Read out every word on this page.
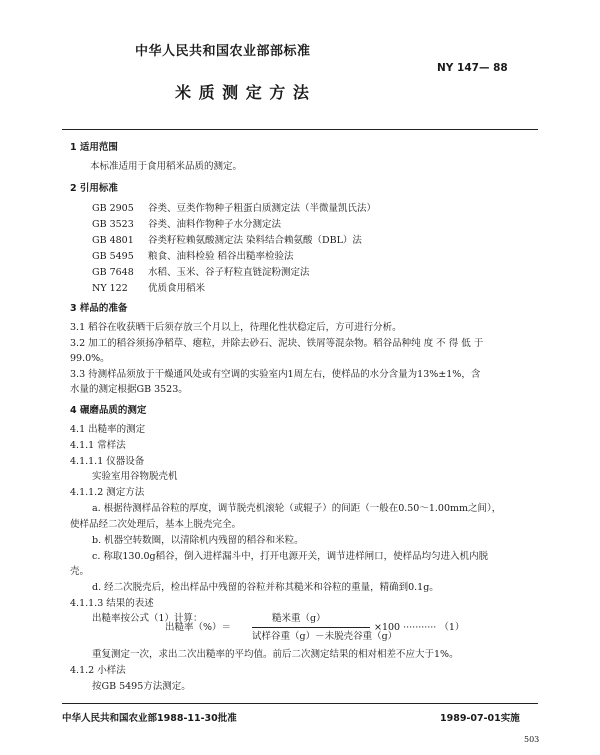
中华人民共和国农业部部标准
米 质 测 定 方 法
NY 147— 88
1 适用范围
本标准适用于食用稻米品质的测定。
2 引用标准
GB 2905 谷类、豆类作物种子粗蛋白质测定法（半微量凯氏法）
GB 3523 谷类、油料作物种子水分测定法
GB 4801 谷类籽粒赖氨酸测定法 染料结合赖氨酸（DBL）法
GB 5495 粮食、油料检验 稻谷出糙率检验法
GB 7648 水稻、玉米、谷子籽粒直链淀粉测定法
NY 122 优质食用稻米
3 样品的准备
3.1 稻谷在收获晒干后须存放三个月以上，待理化性状稳定后，方可进行分析。
3.2 加工的稻谷须扬净稻草、瘪粒，并除去砂石、泥块、铁屑等混杂物。稻谷品种纯 度 不 得 低 于
99.0%。
3.3 待测样品须放于干燥通风处或有空调的实验室内1周左右，使样品的水分含量为13%±1%，含
水量的测定根据GB 3523。
4 碾磨品质的测定
4.1 出糙率的测定
4.1.1 常样法
4.1.1.1 仪器设备
实验室用谷物脱壳机
4.1.1.2 测定方法
a. 根据待测样品谷粒的厚度，调节脱壳机滚轮（或辊子）的间距（一般在0.50～1.00mm之间），
使样品经二次处理后，基本上脱壳完全。
b. 机器空转数圈，以清除机内残留的稻谷和米粒。
c. 称取130.0g稻谷，倒入进样漏斗中，打开电源开关，调节进样闸口，使样品均匀进入机内脱
壳。
d. 经二次脱壳后，检出样品中残留的谷粒并称其糙米和谷粒的重量，精确到0.1g。
4.1.1.3 结果的表述
出糙率按公式（1）计算：
出糙率（%）＝
糙米重（g）
试样谷重（g）－未脱壳谷重（g）
×100 ··········· （1）
重复测定一次，求出二次出糙率的平均值。前后二次测定结果的相对相差不应大于1%。
4.1.2 小样法
按GB 5495方法测定。
中华人民共和国农业部1988-11-30批准	1989-07-01实施
503
